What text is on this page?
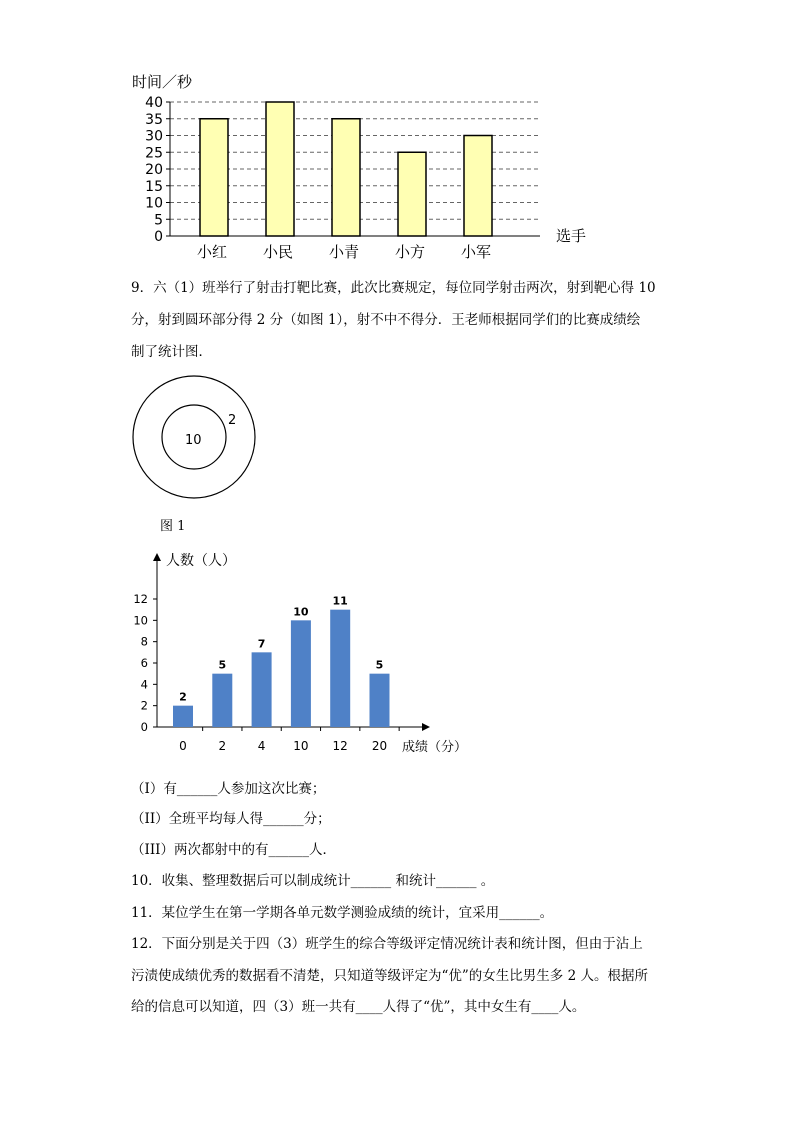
时间／秒
0
5
10
15
20
25
30
35
40
小红 小民 小青 小方 小军
选手
9．六（1）班举行了射击打靶比赛，此次比赛规定，每位同学射击两次，射到靶心得 10
分，射到圆环部分得 2 分（如图 1），射不中不得分．王老师根据同学们的比赛成绩绘
制了统计图．
10
2
图 1
人数（人）
0
2
4
6
8
10
12
2
5
7
10
11
5
0	2	4 10 12 20 成绩（分）
（I）有______人参加这次比赛；
（II）全班平均每人得______分；
（III）两次都射中的有______人．
10．收集、整理数据后可以制成统计______ 和统计______ 。
11．某位学生在第一学期各单元数学测验成绩的统计，宜采用______。
12．下面分别是关于四（3）班学生的综合等级评定情况统计表和统计图，但由于沾上
污渍使成绩优秀的数据看不清楚，只知道等级评定为“优”的女生比男生多 2 人。根据所
给的信息可以知道，四（3）班一共有____人得了“优”，其中女生有____人。
